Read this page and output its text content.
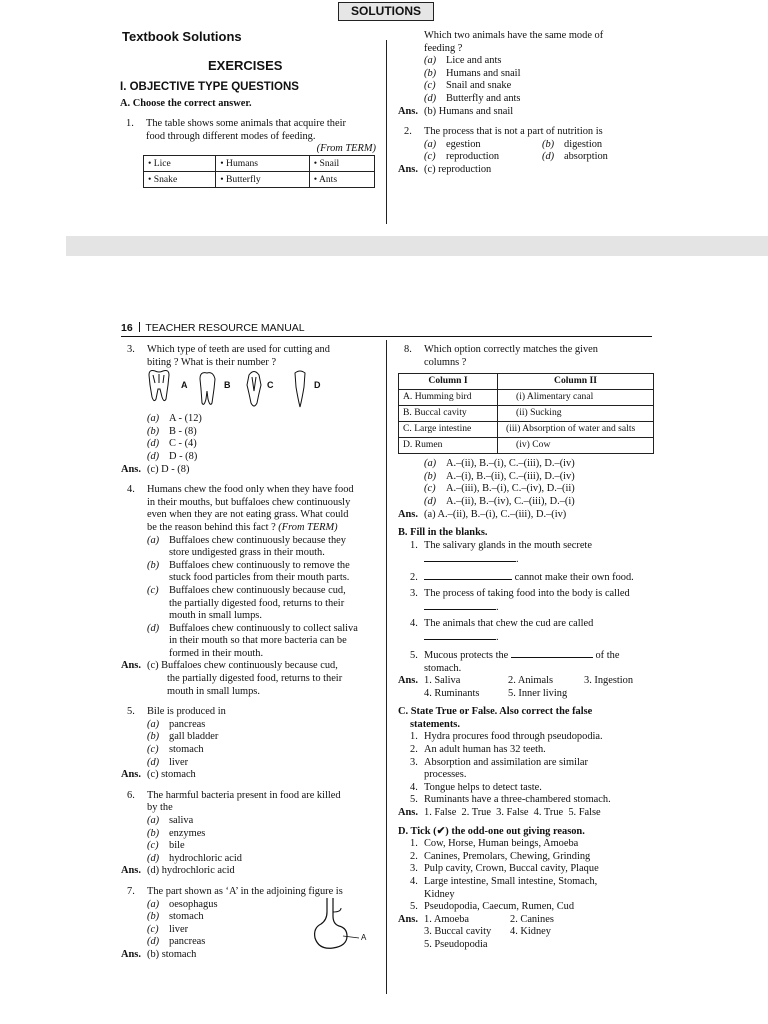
SOLUTIONS
Textbook Solutions
EXERCISES
I. OBJECTIVE TYPE QUESTIONS
A. Choose the correct answer.
1. The table shows some animals that acquire their
food through different modes of feeding.
(From TERM)
• Lice	• Humans	• Snail
• Snake	• Butterfly	• Ants
Which two animals have the same mode of
feeding ?
(a) Lice and ants
(b) Humans and snail
(c) Snail and snake
(d) Butterfly and ants
Ans. (b) Humans and snail
2. The process that is not a part of nutrition is
(a) egestion	(b) digestion
(c) reproduction	(d) absorption
Ans. (c) reproduction
16 TEACHER RESOURCE MANUAL
3. Which type of teeth are used for cutting and
biting ? What is their number ?
A	B	C	D
(a) A - (12)
(b) B - (8)
(d) C - (4)
(d) D - (8)
Ans. (c) D - (8)
4. Humans chew the food only when they have food
in their mouths, but buffaloes chew continuously
even when they are not eating grass. What could
be the reason behind this fact ? (From TERM)
(a) Buffaloes chew continuously because they
store undigested grass in their mouth.
(b) Buffaloes chew continuously to remove the
stuck food particles from their mouth parts.
(c) Buffaloes chew continuously because cud,
the partially digested food, returns to their
mouth in small lumps.
(d) Buffaloes chew continuously to collect saliva
in their mouth so that more bacteria can be
formed in their mouth.
Ans. (c) Buffaloes chew continuously because cud,
the partially digested food, returns to their
mouth in small lumps.
5. Bile is produced in
(a) pancreas
(b) gall bladder
(c) stomach
(d) liver
Ans. (c) stomach
6. The harmful bacteria present in food are killed
by the
(a) saliva
(b) enzymes
(c) bile
(d) hydrochloric acid
Ans. (d) hydrochloric acid
7. The part shown as ‘A’ in the adjoining figure is
(a) oesophagus
(b) stomach
(c) liver
(d) pancreas
Ans. (b) stomach
A
8. Which option correctly matches the given
columns ?
Column I	Column II
A. Humming bird	(i) Alimentary canal
B. Buccal cavity	(ii) Sucking
C. Large intestine	(iii) Absorption of water and salts
D. Rumen	(iv) Cow
(a) A.–(ii), B.–(i), C.–(iii), D.–(iv)
(b) A.–(i), B.–(ii), C.–(iii), D.–(iv)
(c) A.–(iii), B.–(i), C.–(iv), D.–(ii)
(d) A.–(ii), B.–(iv), C.–(iii), D.–(i)
Ans. (a) A.–(ii), B.–(i), C.–(iii), D.–(iv)
B. Fill in the blanks.
1. The salivary glands in the mouth secrete
.
2.	cannot make their own food.
3. The process of taking food into the body is called
.
4. The animals that chew the cud are called
.
5. Mucous protects the	of the
stomach.
Ans. 1. Saliva	2. Animals	3. Ingestion
4. Ruminants	5. Inner living
C. State True or False. Also correct the false
statements.
1. Hydra procures food through pseudopodia.
2. An adult human has 32 teeth.
3. Absorption and assimilation are similar
processes.
4. Tongue helps to detect taste.
5. Ruminants have a three-chambered stomach.
Ans. 1. False  2. True  3. False  4. True  5. False
D. Tick (✔) the odd-one out giving reason.
1. Cow, Horse, Human beings, Amoeba
2. Canines, Premolars, Chewing, Grinding
3. Pulp cavity, Crown, Buccal cavity, Plaque
4. Large intestine, Small intestine, Stomach,
Kidney
5. Pseudopodia, Caecum, Rumen, Cud
Ans. 1. Amoeba	2. Canines
3. Buccal cavity 4. Kidney
5. Pseudopodia
